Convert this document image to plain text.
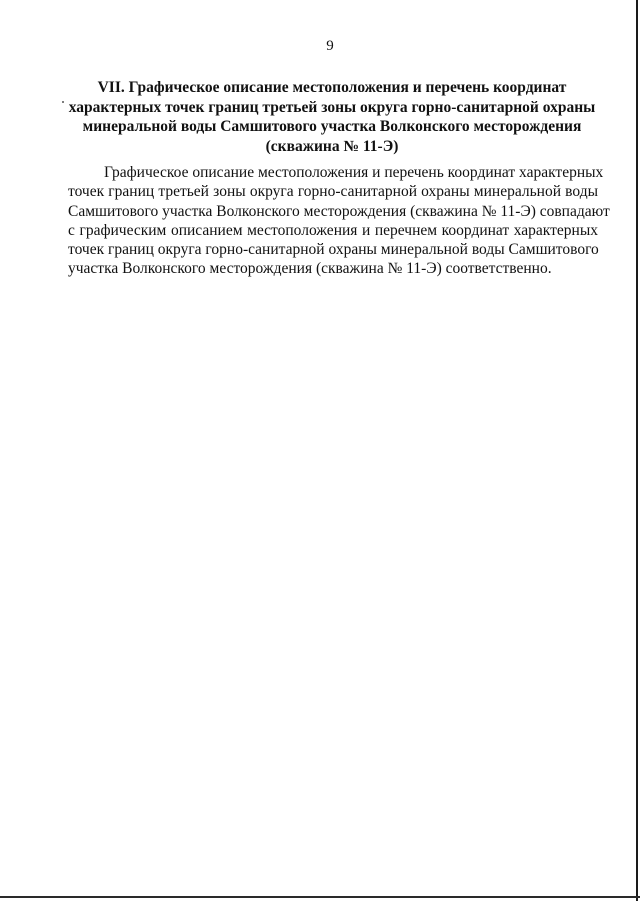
9
VII. Графическое описание местоположения и перечень координат
характерных точек границ третьей зоны округа горно-санитарной охраны
минеральной воды Самшитового участка Волконского месторождения
(скважина № 11-Э)
Графическое описание местоположения и перечень координат характерных
точек границ третьей зоны округа горно-санитарной охраны минеральной воды
Самшитового участка Волконского месторождения (скважина № 11-Э) совпадают
с графическим описанием местоположения и перечнем координат характерных
точек границ округа горно-санитарной охраны минеральной воды Самшитового
участка Волконского месторождения (скважина № 11-Э) соответственно.
